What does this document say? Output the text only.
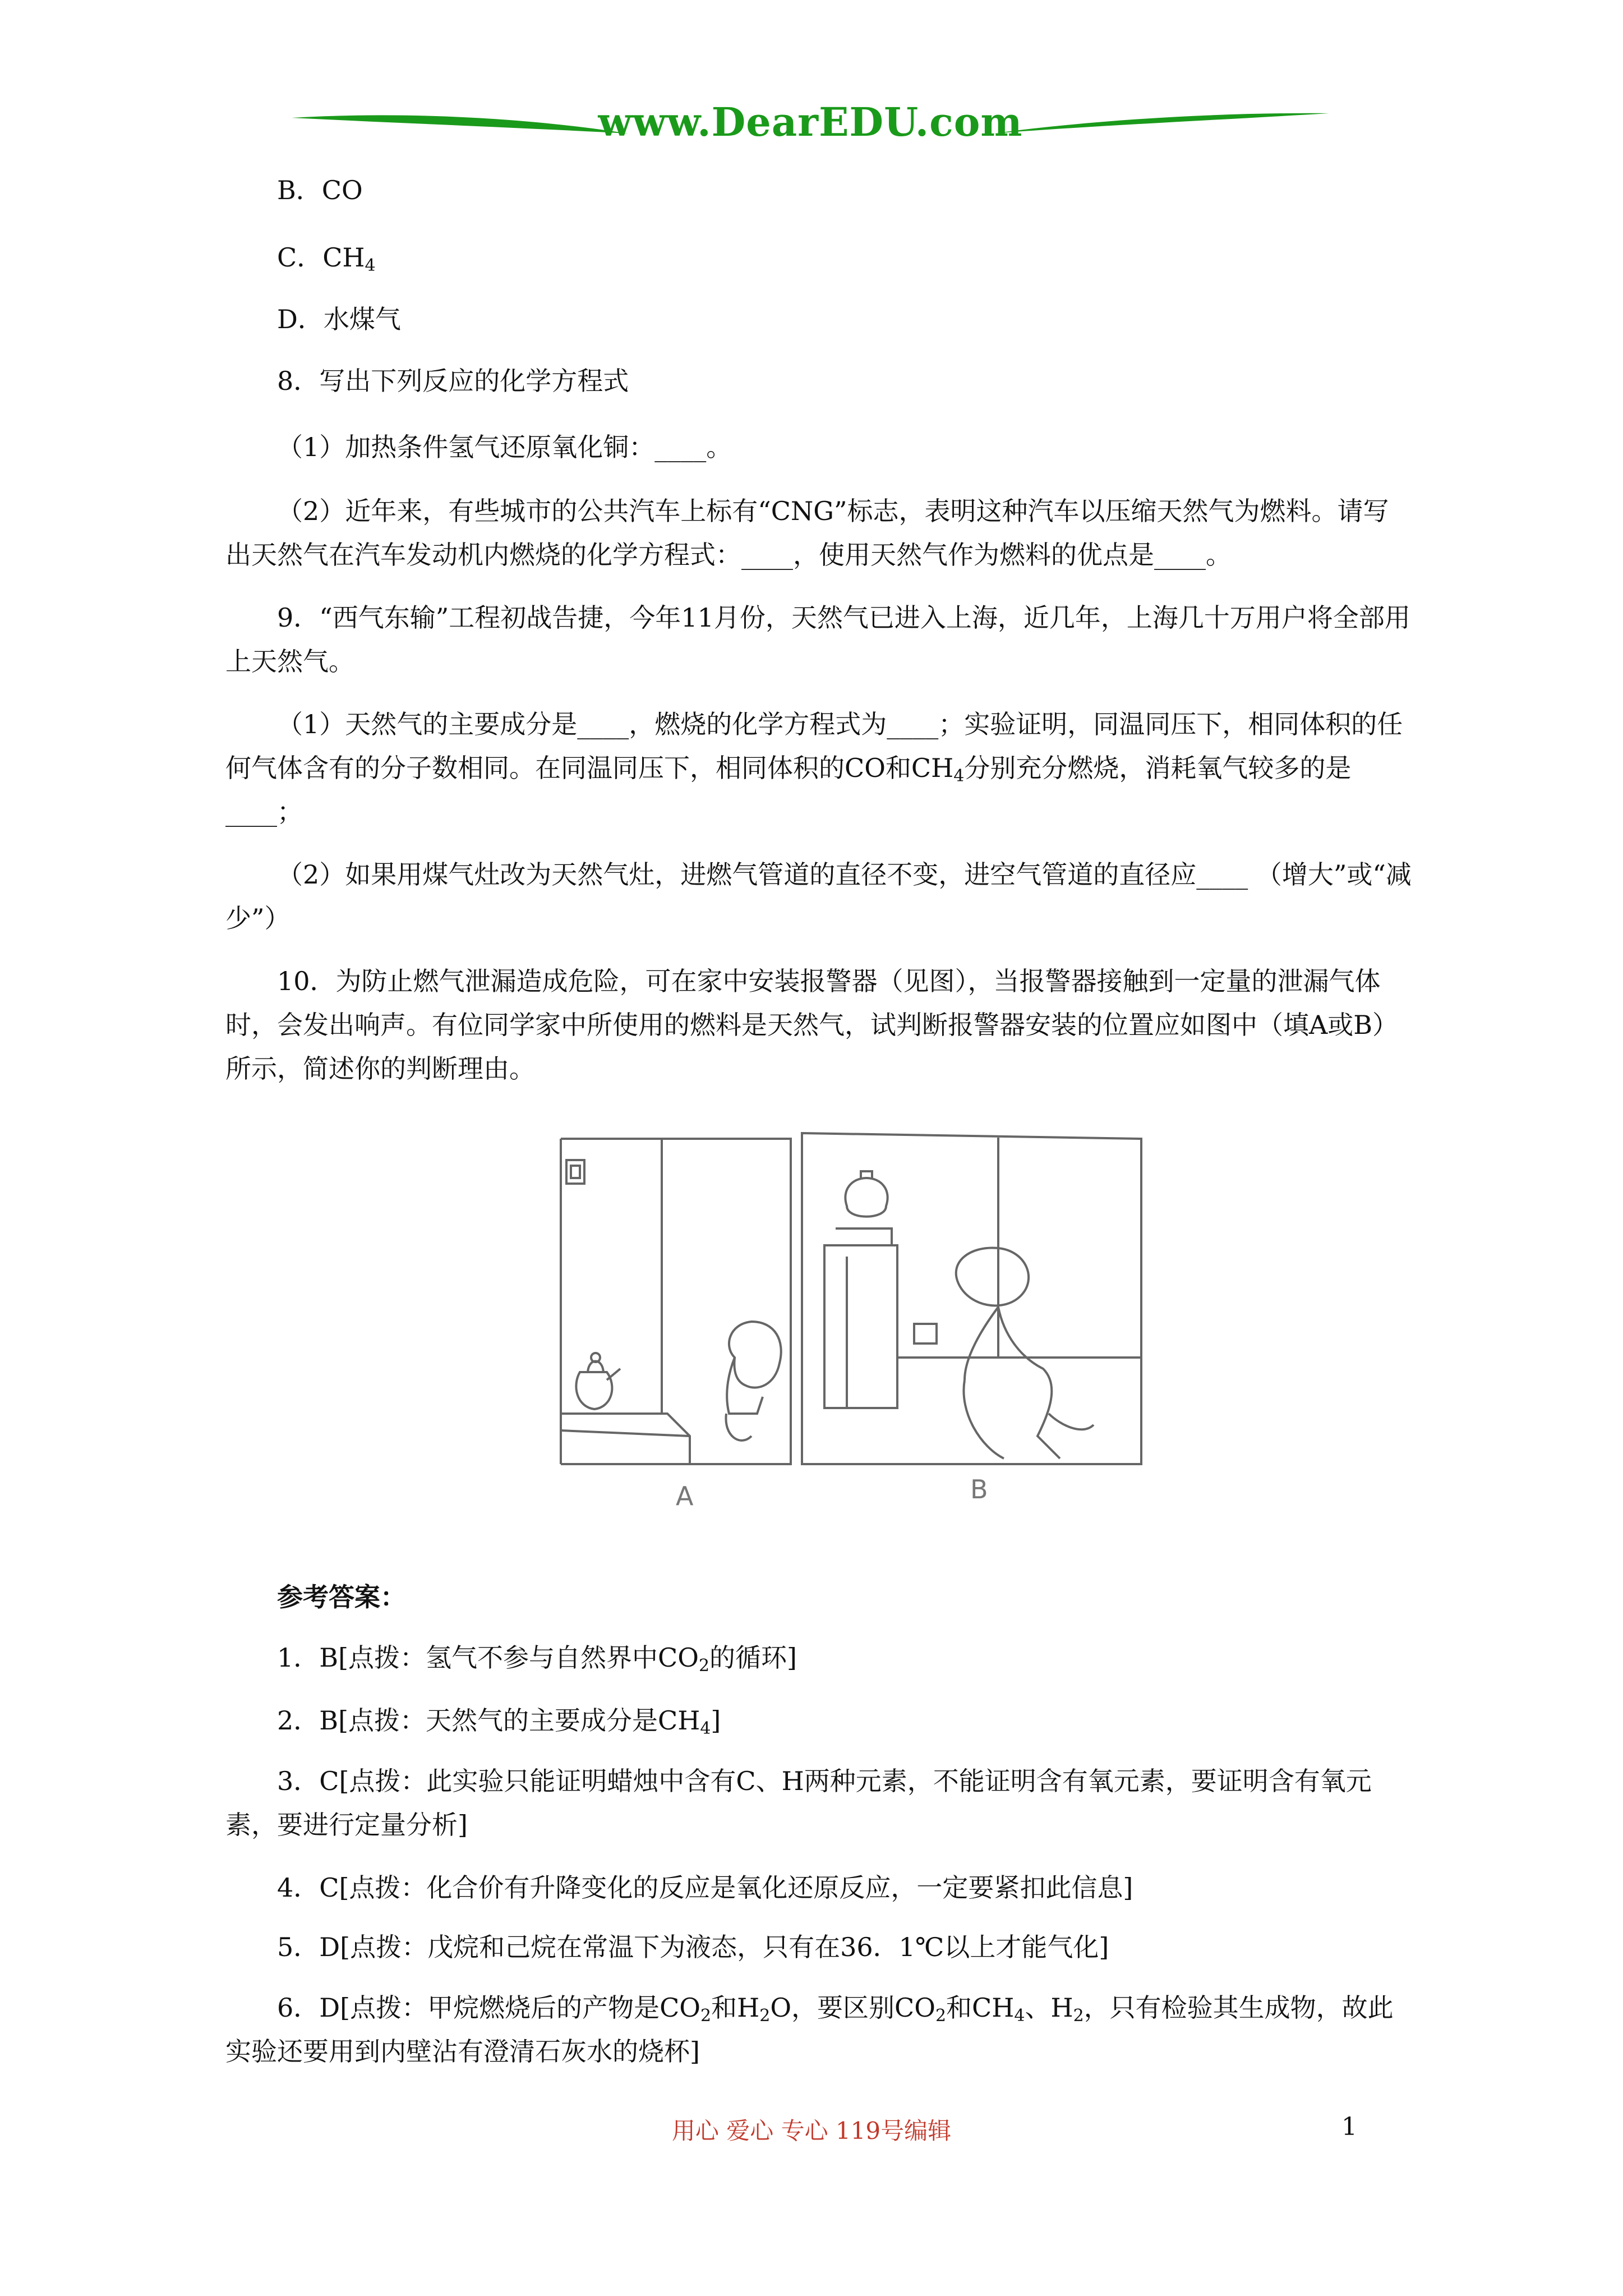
www.DearEDU.com

B．CO

C．$CH_4$

D．水煤气

8．写出下列反应的化学方程式

（1）加热条件氢气还原氧化铜：____。

（2）近年来，有些城市的公共汽车上标有“CNG”标志，表明这种汽车以压缩天然气为燃料。请写出天然气在汽车发动机内燃烧的化学方程式：____，使用天然气作为燃料的优点是____。

9．“西气东输”工程初战告捷，今年11月份，天然气已进入上海，近几年，上海几十万用户将全部用上天然气。

（1）天然气的主要成分是____，燃烧的化学方程式为____；实验证明，同温同压下，相同体积的任何气体含有的分子数相同。在同温同压下，相同体积的CO和$CH_4$分别充分燃烧，消耗氧气较多的是____；

（2）如果用煤气灶改为天然气灶，进燃气管道的直径不变，进空气管道的直径应____ （增大”或“减少”）

10．为防止燃气泄漏造成危险，可在家中安装报警器（见图），当报警器接触到一定量的泄漏气体时，会发出响声。有位同学家中所使用的燃料是天然气，试判断报警器安装的位置应如图中（填A或B）所示，简述你的判断理由。

A	B

参考答案：

1．B[点拨：氢气不参与自然界中$CO_2$的循环]

2．B[点拨：天然气的主要成分是$CH_4$]

3．C[点拨：此实验只能证明蜡烛中含有C、H两种元素，不能证明含有氧元素，要证明含有氧元素，要进行定量分析]

4．C[点拨：化合价有升降变化的反应是氧化还原反应，一定要紧扣此信息]

5．D[点拨：戊烷和己烷在常温下为液态，只有在36．1℃以上才能气化]

6．D[点拨：甲烷燃烧后的产物是$CO_2$和$H_2O$，要区别$CO_2$和$CH_4$、$H_2$，只有检验其生成物，故此实验还要用到内壁沾有澄清石灰水的烧杯]

用心 爱心 专心 119号编辑	1
